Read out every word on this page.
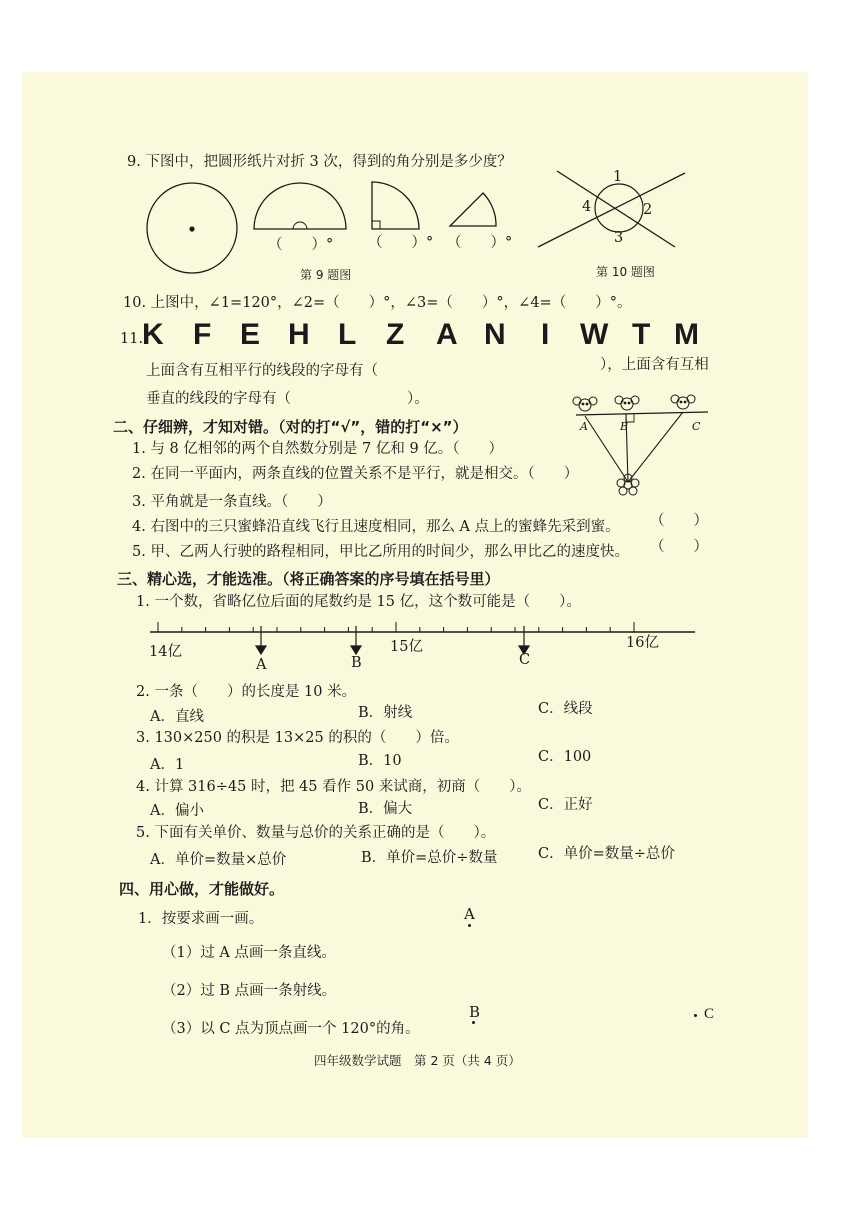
9. 下图中，把圆形纸片对折 3 次，得到的角分别是多少度？
（　　）° （　　）° （　　）°
第 9 题图
1
2
3
4
第 10 题图
10. 上图中，∠1=120°，∠2=（　　）°，∠3=（　　）°，∠4=（　　）°。
11.
K F E H L Z A N I W T M
上面含有互相平行的线段的字母有（	），上面含有互相
垂直的线段的字母有（　　　　　　　　）。
二、仔细辨，才知对错。（对的打“√”，错的打“×”）
1. 与 8 亿相邻的两个自然数分别是 7 亿和 9 亿。（　　）
2. 在同一平面内，两条直线的位置关系不是平行，就是相交。（　　）
3. 平角就是一条直线。（　　）
4. 右图中的三只蜜蜂沿直线飞行且速度相同，那么 A 点上的蜜蜂先采到蜜。 （　　）
5. 甲、乙两人行驶的路程相同，甲比乙所用的时间少，那么甲比乙的速度快。 （　　）
A	B	C
三、精心选，才能选准。（将正确答案的序号填在括号里）
1. 一个数，省略亿位后面的尾数约是 15 亿，这个数可能是（　　）。
14亿	15亿	16亿
A	B	C
2. 一条（　　）的长度是 10 米。
A．直线	B．射线	C．线段
3. 130×250 的积是 13×25 的积的（　　）倍。
A．1	B．10	C．100
4. 计算 316÷45 时，把 45 看作 50 来试商，初商（　　）。
A．偏小	B．偏大	C．正好
5. 下面有关单价、数量与总价的关系正确的是（　　）。
A．单价=数量×总价	B．单价=总价÷数量	C．单价=数量÷总价
四、用心做，才能做好。
1．按要求画一画。
（1）过 A 点画一条直线。
（2）过 B 点画一条射线。
（3）以 C 点为顶点画一个 120°的角。
A
B	C
四年级数学试题　第 2 页（共 4 页）
